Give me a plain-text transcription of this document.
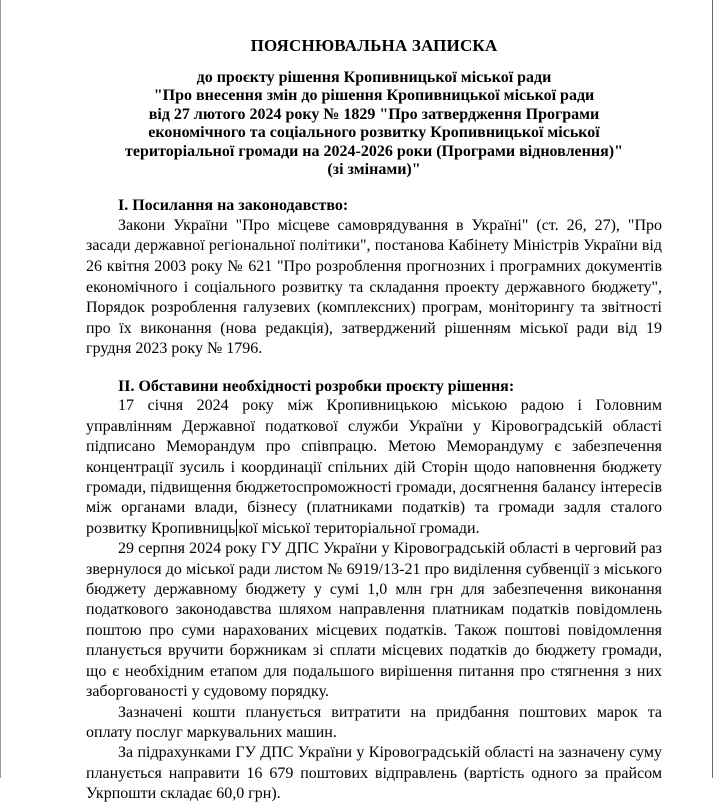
ПОЯСНЮВАЛЬНА ЗАПИСКА

до проєкту рішення Кропивницької міської ради
"Про внесення змін до рішення Кропивницької міської ради
від 27 лютого 2024 року № 1829 "Про затвердження Програми
економічного та соціального розвитку Кропивницької міської
територіальної громади на 2024-2026 роки (Програми відновлення)"
(зі змінами)"

І. Посилання на законодавство:

Закони України "Про місцеве самоврядування в Україні" (ст. 26, 27), "Про засади державної регіональної політики", постанова Кабінету Міністрів України від 26 квітня 2003 року № 621 "Про розроблення прогнозних і програмних документів економічного і соціального розвитку та складання проекту державного бюджету", Порядок розроблення галузевих (комплексних) програм, моніторингу та звітності про їх виконання (нова редакція), затверджений рішенням міської ради від 19 грудня 2023 року № 1796.

ІІ. Обставини необхідності розробки проєкту рішення:

17 січня 2024 року між Кропивницькою міською радою і Головним управлінням Державної податкової служби України у Кіровоградській області підписано Меморандум про співпрацю. Метою Меморандуму є забезпечення концентрації зусиль і координації спільних дій Сторін щодо наповнення бюджету громади, підвищення бюджетоспроможності громади, досягнення балансу інтересів між органами влади, бізнесу (платниками податків) та громади задля сталого розвитку Кропивниць кої міської територіальної громади.

29 серпня 2024 року ГУ ДПС України у Кіровоградській області в черговий раз звернулося до міської ради листом № 6919/13-21 про виділення субвенції з міського бюджету державному бюджету у сумі 1,0 млн грн для забезпечення виконання податкового законодавства шляхом направлення платникам податків повідомлень поштою про суми нарахованих місцевих податків. Також поштові повідомлення планується вручити боржникам зі сплати місцевих податків до бюджету громади, що є необхідним етапом для подальшого вирішення питання про стягнення з них заборгованості у судовому порядку.

Зазначені кошти планується витратити на придбання поштових марок та оплату послуг маркувальних машин.

За підрахунками ГУ ДПС України у Кіровоградській області на зазначену суму планується направити 16 679 поштових відправлень (вартість одного за прайсом Укрпошти складає 60,0 грн).
